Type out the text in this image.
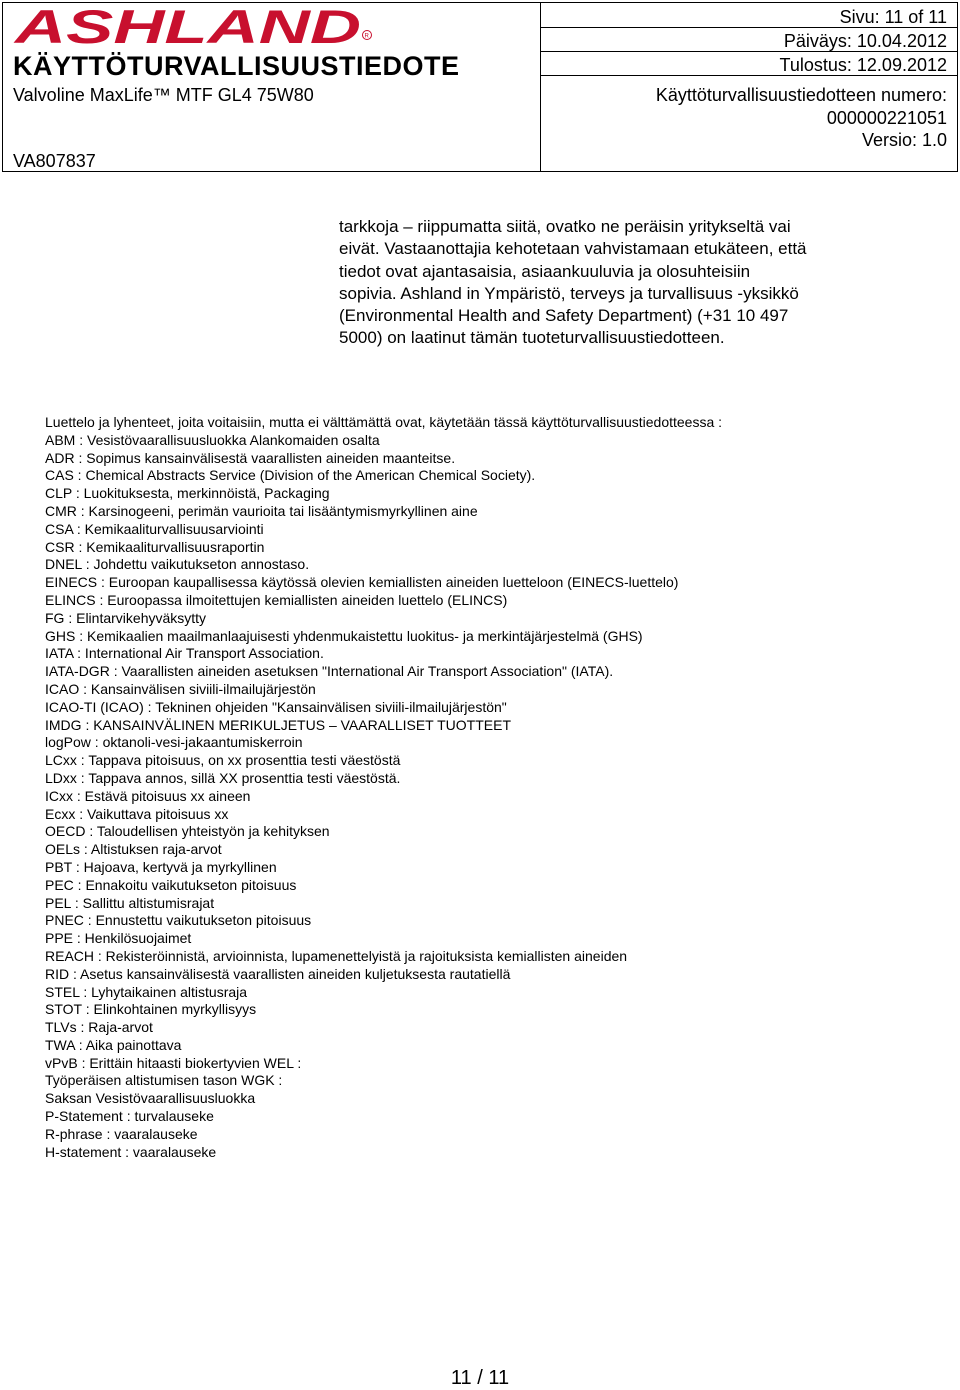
ASHLAND R
KÄYTTÖTURVALLISUUSTIEDOTE
Valvoline MaxLife™ MTF GL4 75W80
VA807837
Sivu: 11 of 11
Päiväys: 10.04.2012
Tulostus: 12.09.2012
Käyttöturvallisuustiedotteen numero:
000000221051
Versio: 1.0

tarkkoja – riippumatta siitä, ovatko ne peräisin yritykseltä vai

eivät. Vastaanottajia kehotetaan vahvistamaan etukäteen, että

tiedot ovat ajantasaisia, asiaankuuluvia ja olosuhteisiin

sopivia. Ashland in Ympäristö, terveys ja turvallisuus -yksikkö

(Environmental Health and Safety Department) (+31 10 497

5000) on laatinut tämän tuoteturvallisuustiedotteen.

Luettelo ja lyhenteet, joita voitaisiin, mutta ei välttämättä ovat, käytetään tässä käyttöturvallisuustiedotteessa :
ABM : Vesistövaarallisuusluokka Alankomaiden osalta
ADR : Sopimus kansainvälisestä vaarallisten aineiden maanteitse.
CAS : Chemical Abstracts Service (Division of the American Chemical Society).
CLP : Luokituksesta, merkinnöistä, Packaging
CMR : Karsinogeeni, perimän vaurioita tai lisääntymismyrkyllinen aine
CSA : Kemikaaliturvallisuusarviointi
CSR : Kemikaaliturvallisuusraportin
DNEL : Johdettu vaikutukseton annostaso.
EINECS : Euroopan kaupallisessa käytössä olevien kemiallisten aineiden luetteloon (EINECS-luettelo)
ELINCS : Euroopassa ilmoitettujen kemiallisten aineiden luettelo (ELINCS)
FG : Elintarvikehyväksytty
GHS : Kemikaalien maailmanlaajuisesti yhdenmukaistettu luokitus- ja merkintäjärjestelmä (GHS)
IATA : International Air Transport Association.
IATA-DGR : Vaarallisten aineiden asetuksen "International Air Transport Association" (IATA).
ICAO : Kansainvälisen siviili-ilmailujärjestön
ICAO-TI (ICAO) : Tekninen ohjeiden "Kansainvälisen siviili-ilmailujärjestön"
IMDG : KANSAINVÄLINEN MERIKULJETUS – VAARALLISET TUOTTEET
logPow : oktanoli-vesi-jakaantumiskerroin
LCxx : Tappava pitoisuus, on xx prosenttia testi väestöstä
LDxx : Tappava annos, sillä XX prosenttia testi väestöstä.
ICxx : Estävä pitoisuus xx aineen
Ecxx : Vaikuttava pitoisuus xx
OECD : Taloudellisen yhteistyön ja kehityksen
OELs : Altistuksen raja-arvot
PBT : Hajoava, kertyvä ja myrkyllinen
PEC : Ennakoitu vaikutukseton pitoisuus
PEL : Sallittu altistumisrajat
PNEC : Ennustettu vaikutukseton pitoisuus
PPE : Henkilösuojaimet
REACH : Rekisteröinnistä, arvioinnista, lupamenettelyistä ja rajoituksista kemiallisten aineiden
RID : Asetus kansainvälisestä vaarallisten aineiden kuljetuksesta rautatiellä
STEL : Lyhytaikainen altistusraja
STOT : Elinkohtainen myrkyllisyys
TLVs : Raja-arvot
TWA : Aika painottava
vPvB : Erittäin hitaasti biokertyvien WEL :
Työperäisen altistumisen tason WGK :
Saksan Vesistövaarallisuusluokka
P-Statement : turvalauseke
R-phrase : vaaralauseke
H-statement : vaaralauseke
11 / 11
